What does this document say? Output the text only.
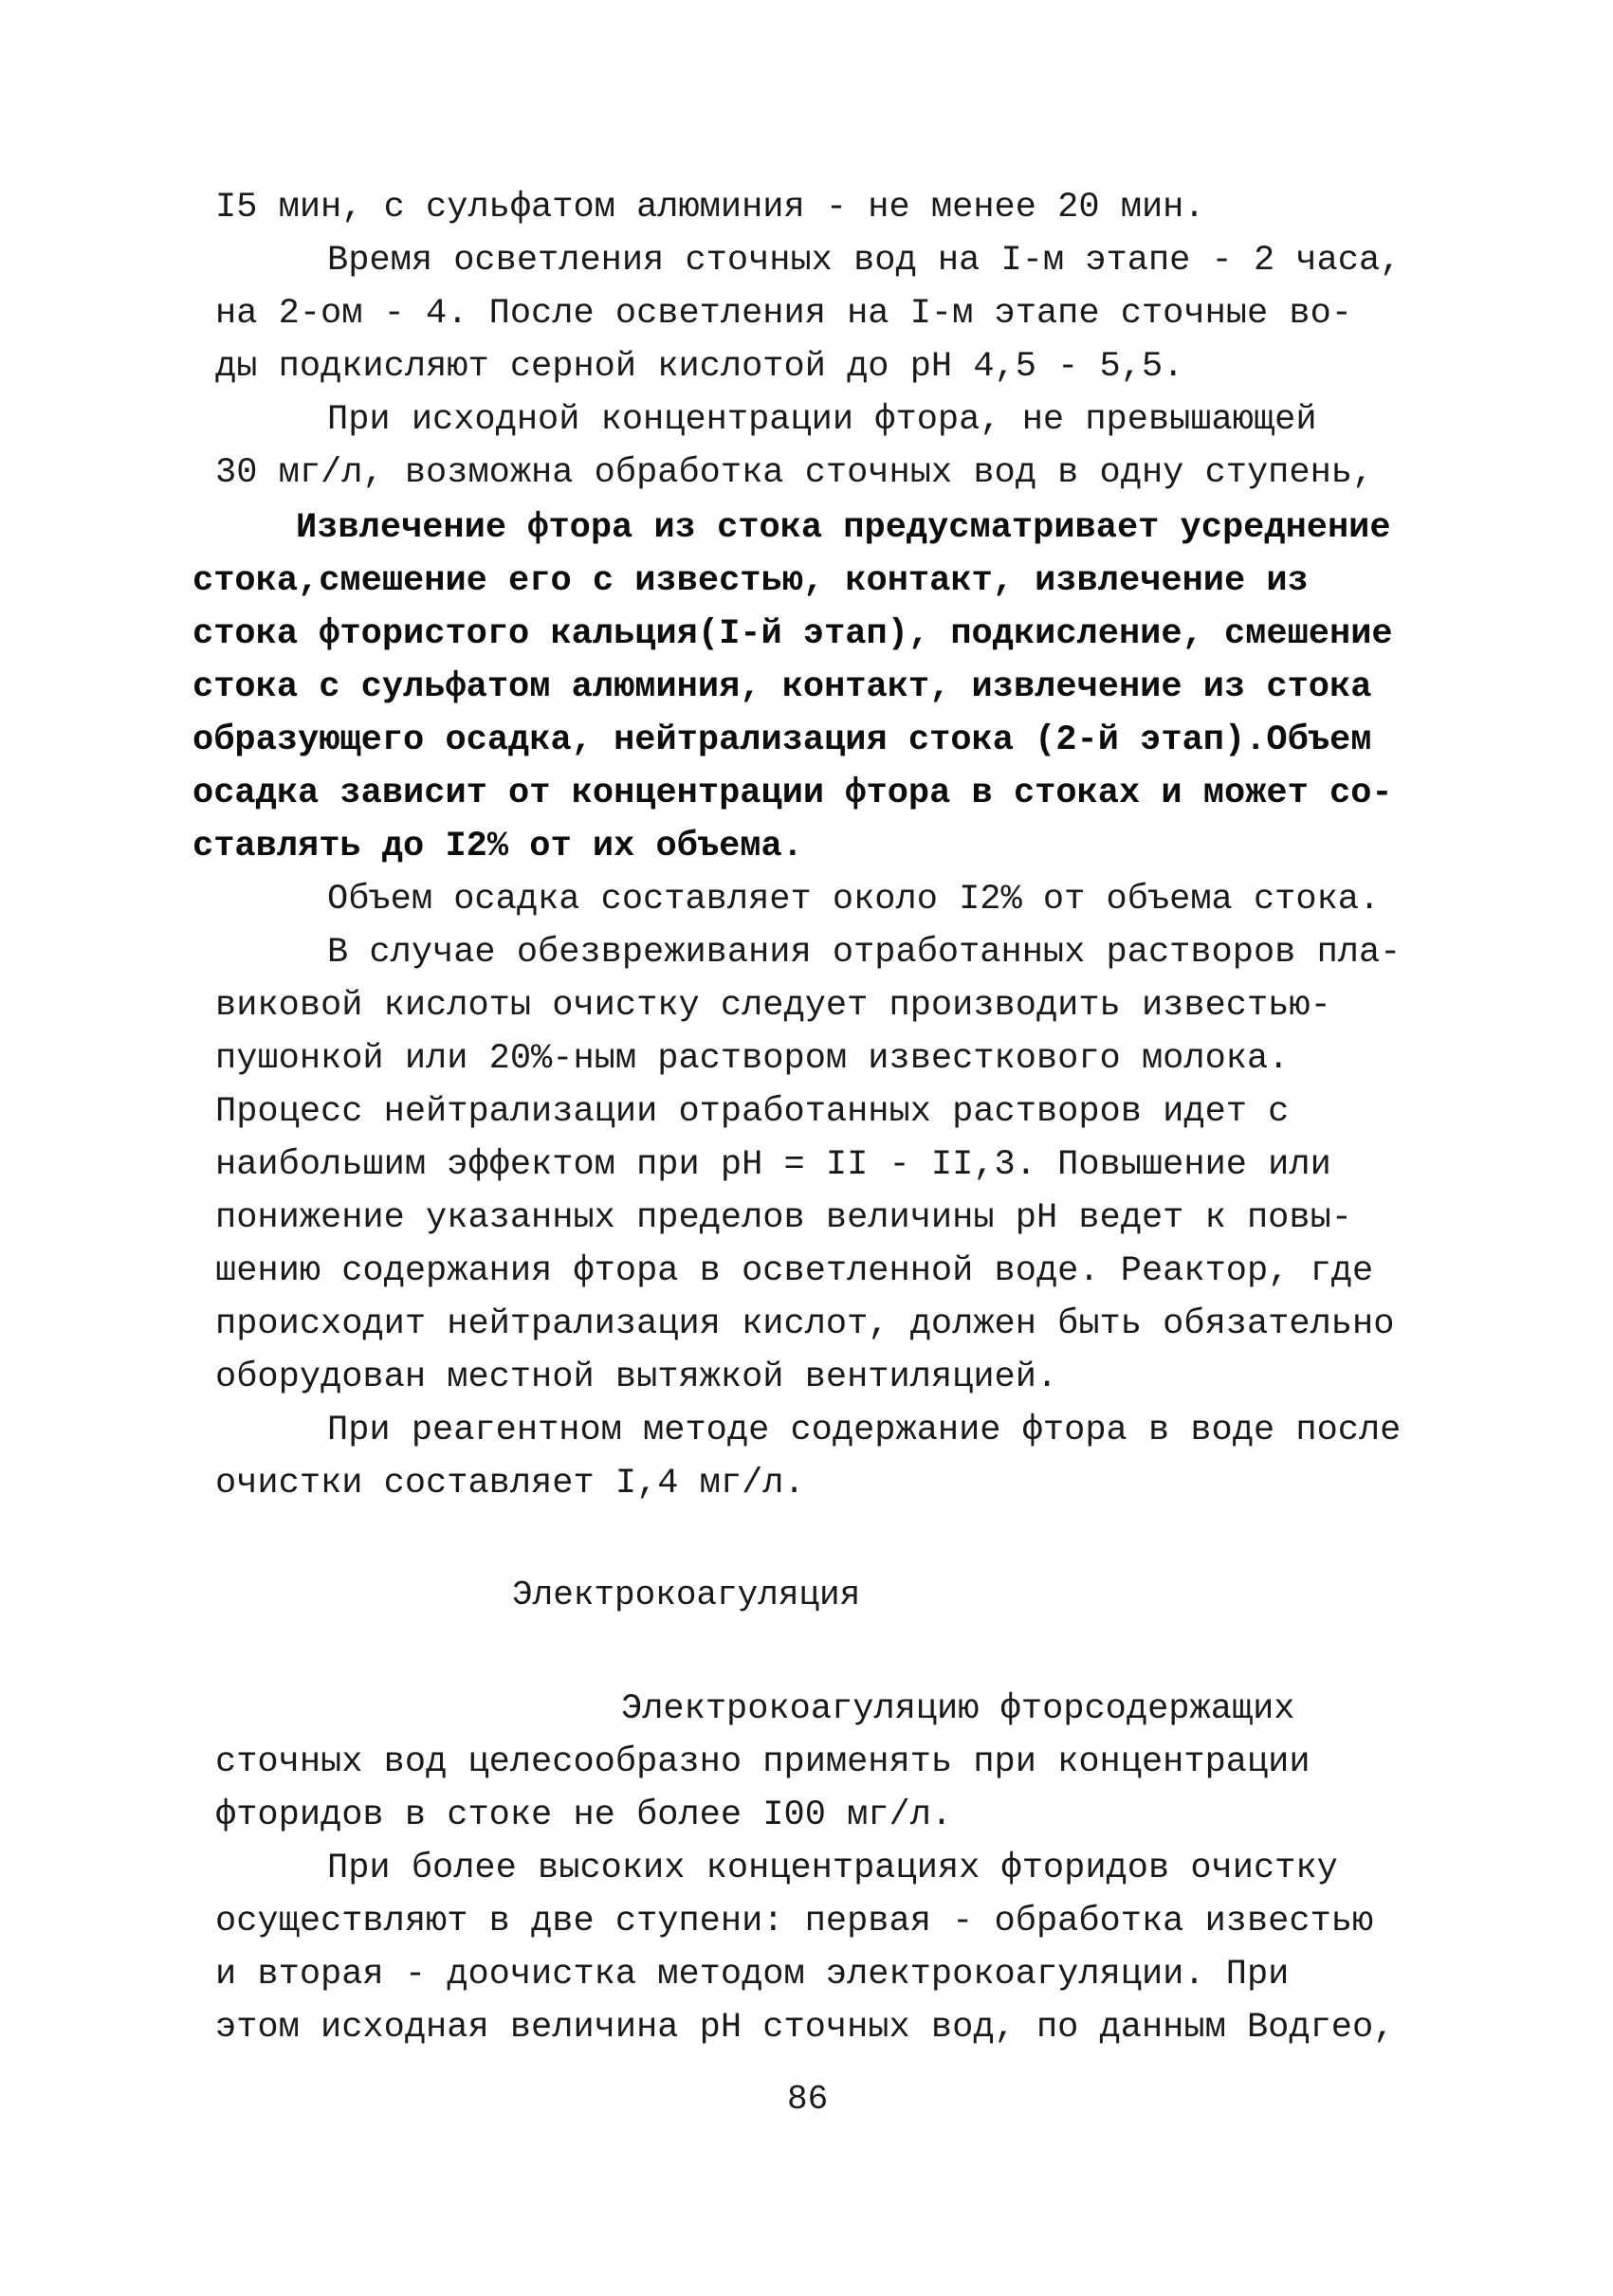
I5 мин, с сульфатом алюминия - не менее 20 мин.
Время осветления сточных вод на I-м этапе - 2 часа,
на 2-ом - 4. После осветления на I-м этапе сточные во-
ды подкисляют серной кислотой до рН 4,5 - 5,5.
При исходной концентрации фтора, не превышающей
30 мг/л, возможна обработка сточных вод в одну ступень,
Извлечение фтора из стока предусматривает усреднение
стока,смешение его с известью, контакт, извлечение из
стока фтористого кальция(I-й этап), подкисление, смешение
стока с сульфатом алюминия, контакт, извлечение из стока
образующего осадка, нейтрализация стока (2-й этап).Объем
осадка зависит от концентрации фтора в стоках и может со-
ставлять до I2% от их объема.
Объем осадка составляет около I2% от объема стока.
В случае обезвреживания отработанных растворов пла-
виковой кислоты очистку следует производить известью-
пушонкой или 20%-ным раствором известкового молока.
Процесс нейтрализации отработанных растворов идет с
наибольшим эффектом при рН = II - II,3. Повышение или
понижение указанных пределов величины рН ведет к повы-
шению содержания фтора в осветленной воде. Реактор, где
происходит нейтрализация кислот, должен быть обязательно
оборудован местной вытяжкой вентиляцией.
При реагентном методе содержание фтора в воде после
очистки составляет I,4 мг/л.
Электрокоагуляция
Электрокоагуляцию фторсодержащих
сточных вод целесообразно применять при концентрации
фторидов в стоке не более I00 мг/л.
При более высоких концентрациях фторидов очистку
осуществляют в две ступени: первая - обработка известью
и вторая - доочистка методом электрокоагуляции. При
этом исходная величина рН сточных вод, по данным Водгео,
86
